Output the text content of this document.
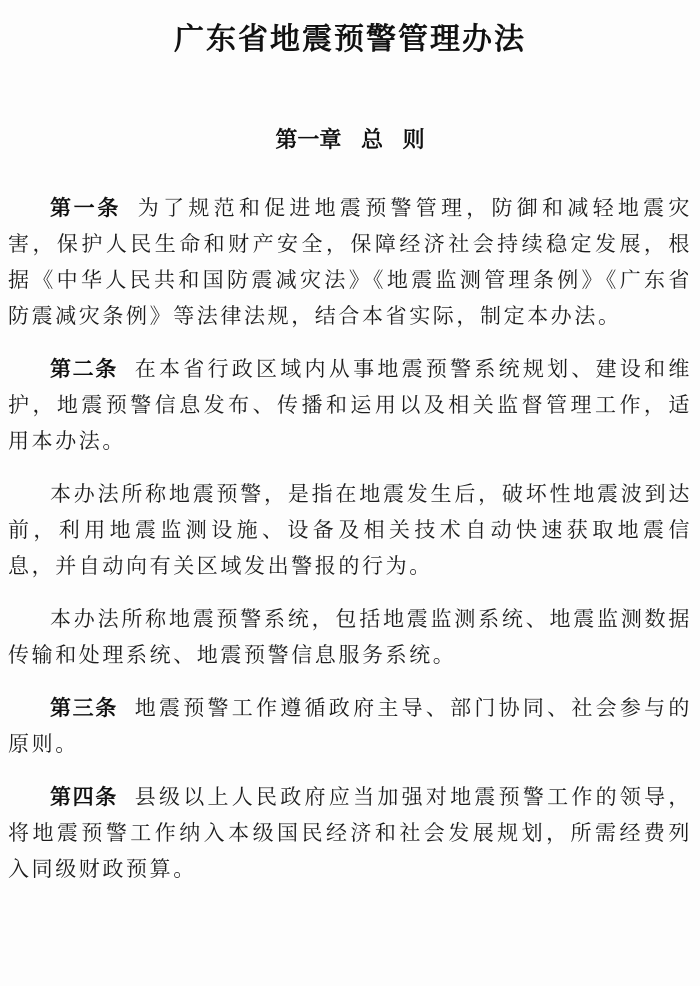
广东省地震预警管理办法
第一章 总 则

第一条 为了规范和促进地震预警管理，防御和减轻地震灾害，保护人民生命和财产安全，保障经济社会持续稳定发展，根据《中华人民共和国防震减灾法》《地震监测管理条例》《广东省防震减灾条例》等法律法规，结合本省实际，制定本办法。

第二条 在本省行政区域内从事地震预警系统规划、建设和维护，地震预警信息发布、传播和运用以及相关监督管理工作，适用本办法。

本办法所称地震预警，是指在地震发生后，破坏性地震波到达前，利用地震监测设施、设备及相关技术自动快速获取地震信息，并自动向有关区域发出警报的行为。

本办法所称地震预警系统，包括地震监测系统、地震监测数据传输和处理系统、地震预警信息服务系统。

第三条 地震预警工作遵循政府主导、部门协同、社会参与的原则。

第四条 县级以上人民政府应当加强对地震预警工作的领导，将地震预警工作纳入本级国民经济和社会发展规划，所需经费列入同级财政预算。
